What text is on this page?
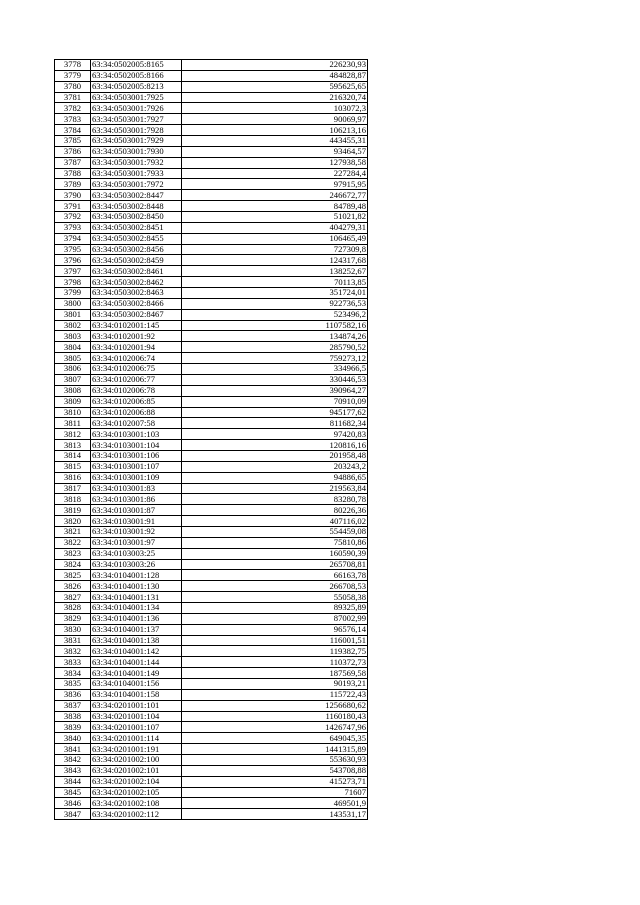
3778	63:34:0502005:8165	226230,93
3779	63:34:0502005:8166	484828,87
3780	63:34:0502005:8213	595625,65
3781	63:34:0503001:7925	216320,74
3782	63:34:0503001:7926	103072,3
3783	63:34:0503001:7927	90069,97
3784	63:34:0503001:7928	106213,16
3785	63:34:0503001:7929	443455,31
3786	63:34:0503001:7930	93464,57
3787	63:34:0503001:7932	127938,58
3788	63:34:0503001:7933	227284,4
3789	63:34:0503001:7972	97915,95
3790	63:34:0503002:8447	246672,77
3791	63:34:0503002:8448	84789,48
3792	63:34:0503002:8450	51021,82
3793	63:34:0503002:8451	404279,31
3794	63:34:0503002:8455	106465,49
3795	63:34:0503002:8456	727309,8
3796	63:34:0503002:8459	124317,68
3797	63:34:0503002:8461	138252,67
3798	63:34:0503002:8462	70113,85
3799	63:34:0503002:8463	351724,01
3800	63:34:0503002:8466	922736,53
3801	63:34:0503002:8467	523496,2
3802	63:34:0102001:145	1107582,16
3803	63:34:0102001:92	134874,26
3804	63:34:0102001:94	285790,52
3805	63:34:0102006:74	759273,12
3806	63:34:0102006:75	334966,5
3807	63:34:0102006:77	330446,53
3808	63:34:0102006:78	390964,27
3809	63:34:0102006:85	70910,09
3810	63:34:0102006:88	945177,62
3811	63:34:0102007:58	811682,34
3812	63:34:0103001:103	97420,83
3813	63:34:0103001:104	120816,16
3814	63:34:0103001:106	201958,48
3815	63:34:0103001:107	203243,2
3816	63:34:0103001:109	94886,65
3817	63:34:0103001:83	219563,84
3818	63:34:0103001:86	83280,78
3819	63:34:0103001:87	80226,36
3820	63:34:0103001:91	407116,02
3821	63:34:0103001:92	554459,08
3822	63:34:0103001:97	75810,86
3823	63:34:0103003:25	160590,39
3824	63:34:0103003:26	265708,81
3825	63:34:0104001:128	66163,78
3826	63:34:0104001:130	266708,53
3827	63:34:0104001:131	55058,38
3828	63:34:0104001:134	89325,89
3829	63:34:0104001:136	87002,99
3830	63:34:0104001:137	96576,14
3831	63:34:0104001:138	116001,51
3832	63:34:0104001:142	119382,75
3833	63:34:0104001:144	110372,73
3834	63:34:0104001:149	187569,58
3835	63:34:0104001:156	90193,21
3836	63:34:0104001:158	115722,43
3837	63:34:0201001:101	1256680,62
3838	63:34:0201001:104	1160180,43
3839	63:34:0201001:107	1426747,96
3840	63:34:0201001:114	649045,35
3841	63:34:0201001:191	1441315,89
3842	63:34:0201002:100	553630,93
3843	63:34:0201002:101	543708,88
3844	63:34:0201002:104	415273,71
3845	63:34:0201002:105	71607
3846	63:34:0201002:108	469501,9
3847	63:34:0201002:112	143531,17
